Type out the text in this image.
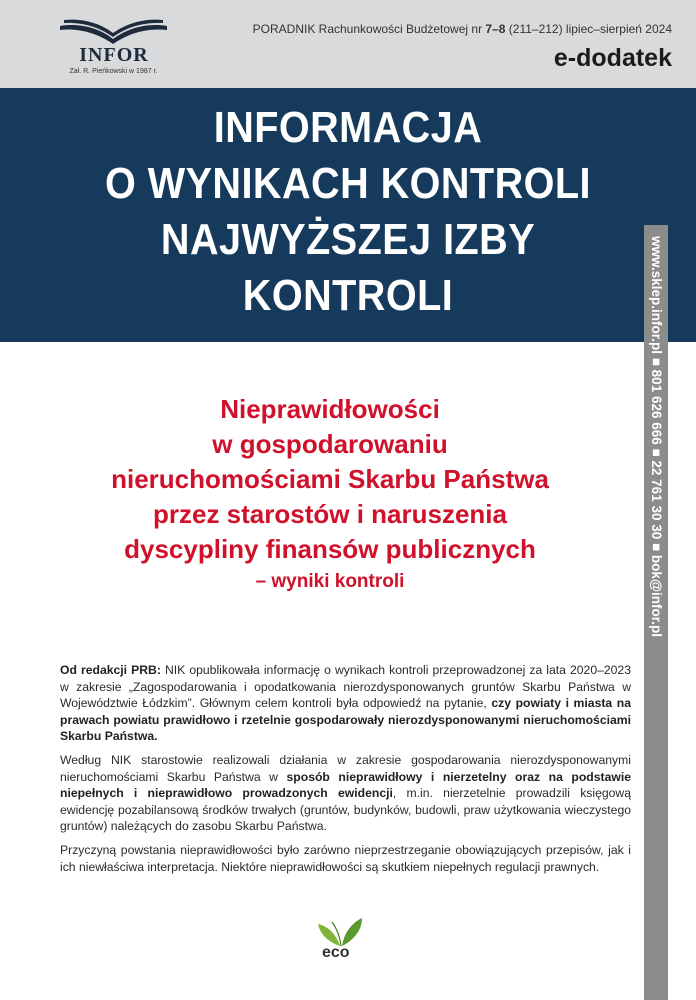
INFOR
Zał. R. Pieńkowski w 1987 r.
PORADNIK Rachunkowości Budżetowej nr 7–8 (211–212) lipiec–sierpień 2024
e-dodatek
INFORMACJA
O WYNIKACH KONTROLI
NAJWYŻSZEJ IZBY
KONTROLI	www.sklep.infor.pl ■ 801 626 666 ■ 22 761 30 30 ■ bok@infor.pl
Nieprawidłowości
w gospodarowaniu
nieruchomościami Skarbu Państwa
przez starostów i naruszenia
dyscypliny finansów publicznych
– wyniki kontroli

Od redakcji PRB: NIK opublikowała informację o wynikach kontroli przeprowadzonej za lata 2020–2023 w zakresie „Zagospodarowania i opodatkowania nierozdysponowanych gruntów Skarbu Państwa w Województwie Łódzkim”. Głównym celem kontroli była odpowiedź na pytanie, czy powiaty i miasta na prawach powiatu prawidłowo i rzetelnie gospodarowały nierozdysponowanymi nieruchomościami Skarbu Państwa.

Według NIK starostowie realizowali działania w zakresie gospodarowania nierozdysponowanymi nieruchomościami Skarbu Państwa w sposób nieprawidłowy i nierzetelny oraz na podstawie niepełnych i nieprawidłowo prowadzonych ewidencji, m.in. nierzetelnie prowadzili księgową ewidencję pozabilansową środków trwałych (gruntów, budynków, budowli, praw użytkowania wieczystego gruntów) należących do zasobu Skarbu Państwa.

Przyczyną powstania nieprawidłowości było zarówno nieprzestrzeganie obowiązujących przepisów, jak i ich niewłaściwa interpretacja. Niektóre nieprawidłowości są skutkiem niepełnych regulacji prawnych.

eco
